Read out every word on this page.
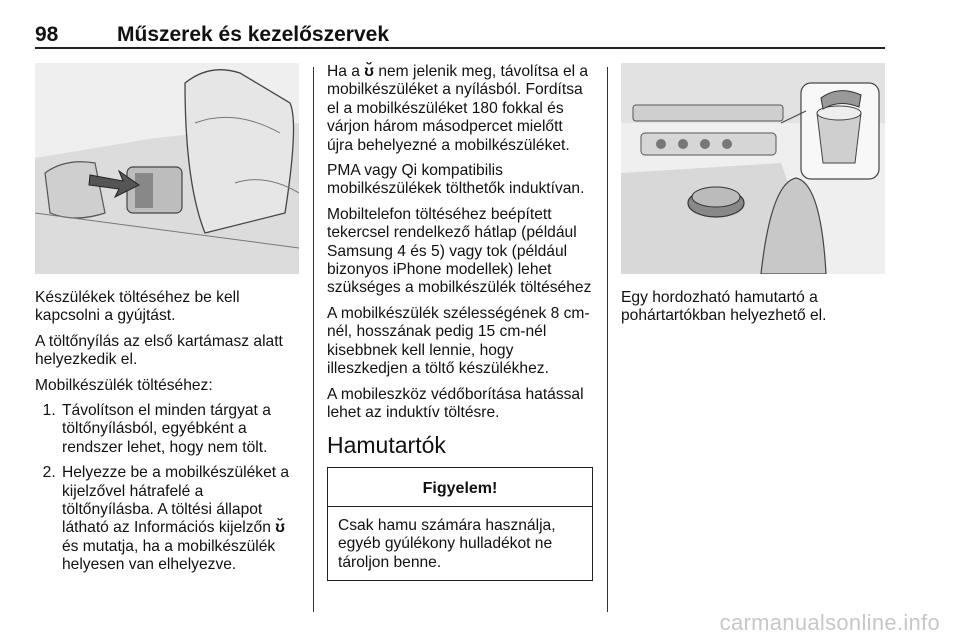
98	Műszerek és kezelőszervek

Készülékek töltéséhez be kell kapcsolni a gyújtást.

A töltőnyílás az első kartámasz alatt helyezkedik el.

Mobilkészülék töltéséhez:

1. Távolítson el minden tárgyat a töltőnyílásból, egyébként a rendszer lehet, hogy nem tölt.
2. Helyezze be a mobilkészüléket a kijelzővel hátrafelé a töltőnyílásba. A töltési állapot látható az Információs kijelzőn ʊ̆ és mutatja, ha a mobilkészülék helyesen van elhelyezve.

Ha a ʊ̆ nem jelenik meg, távolítsa el a mobilkészüléket a nyílásból. Fordítsa el a mobilkészüléket 180 fokkal és várjon három másodpercet mielőtt újra behelyezné a mobilkészüléket.

PMA vagy Qi kompatibilis mobilkészülékek tölthetők induktívan.

Mobiltelefon töltéséhez beépített tekercsel rendelkező hátlap (például Samsung 4 és 5) vagy tok (például bizonyos iPhone modellek) lehet szükséges a mobilkészülék töltéséhez

A mobilkészülék szélességének 8 cm-nél, hosszának pedig 15 cm-nél kisebbnek kell lennie, hogy illeszkedjen a töltő készülékhez.

A mobileszköz védőborítása hatással lehet az induktív töltésre.

Hamutartók
Figyelem!
Csak hamu számára használja, egyéb gyúlékony hulladékot ne tároljon benne.

Egy hordozható hamutartó a pohártartókban helyezhető el.

carmanualsonline.info
